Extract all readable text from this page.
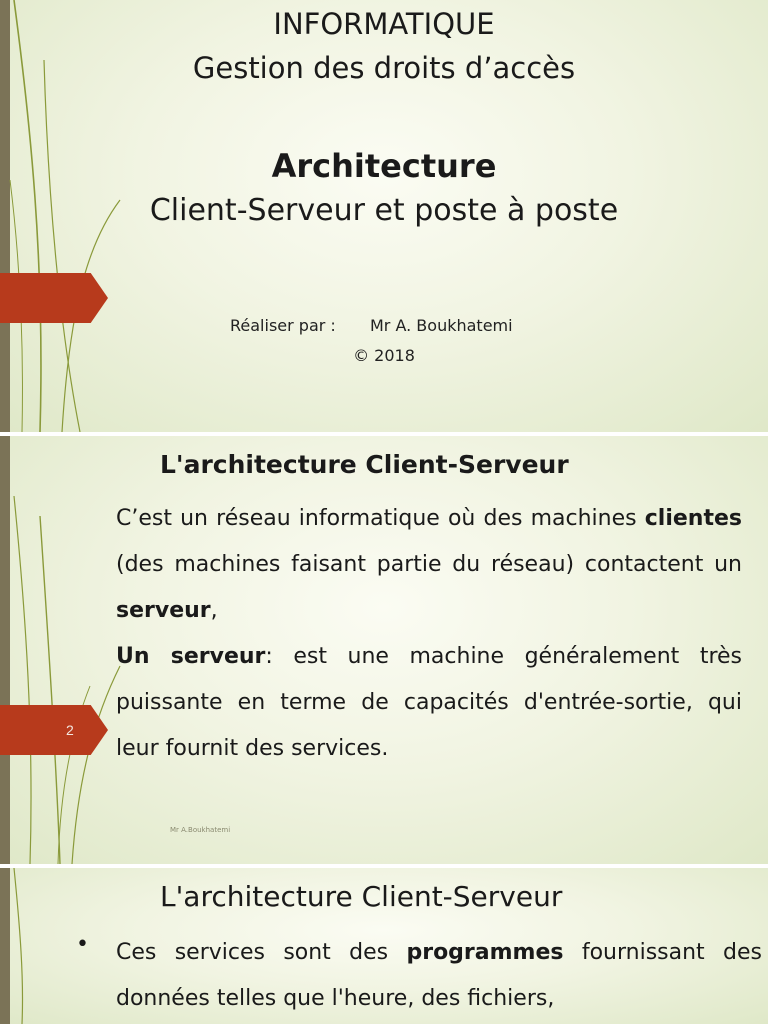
INFORMATIQUE
Gestion des droits d’accès
Architecture
Client-Serveur et poste à poste
Réaliser par : Mr A. Boukhatemi
© 2018
2
L'architecture Client-Serveur
C’est un réseau informatique où des machines clientes (des machines faisant partie du réseau) contactent un serveur,
Un serveur: est une machine généralement très puissante en terme de capacités d'entrée-sortie, qui leur fournit des services.
Mr A.Boukhatemi
L'architecture Client-Serveur
• Ces services sont des programmes fournissant des données telles que l'heure, des fichiers,
